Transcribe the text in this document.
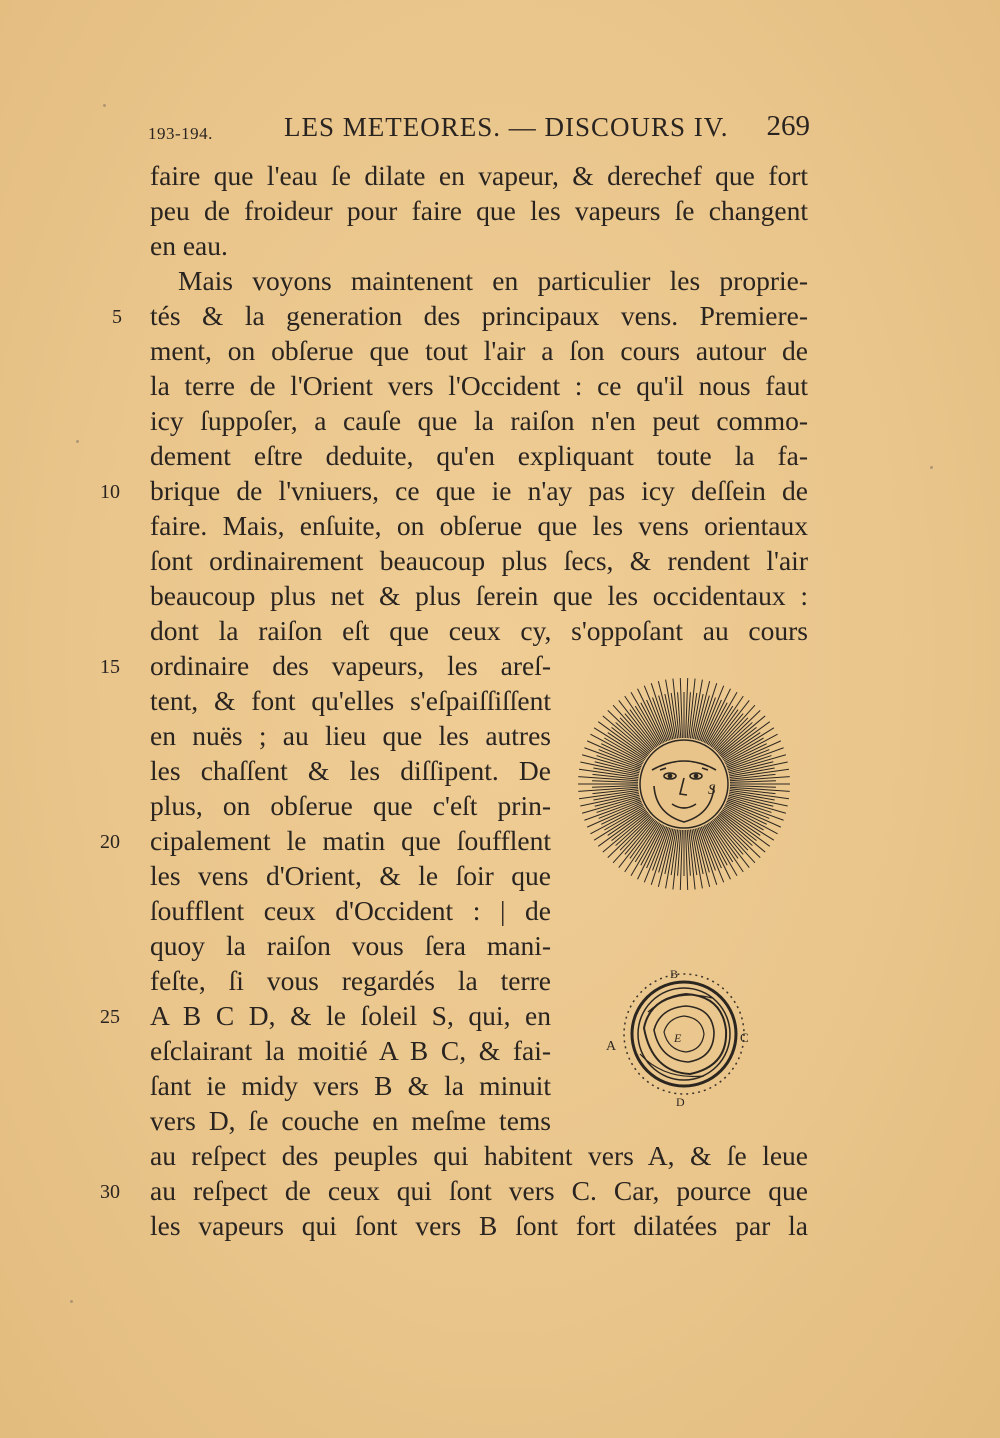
193-194.	LES METEORES. — DISCOURS IV. 269
faire que l'eau ſe dilate en vapeur, & derechef que fort
peu de froideur pour faire que les vapeurs ſe changent
en eau.
Mais voyons maintenent en particulier les proprie-
tés & la generation des principaux vens. Premiere-
ment, on obſerue que tout l'air a ſon cours autour de
la terre de l'Orient vers l'Occident : ce qu'il nous faut
icy ſuppoſer, a cauſe que la raiſon n'en peut commo-
dement eſtre deduite, qu'en expliquant toute la fa-
brique de l'vniuers, ce que ie n'ay pas icy deſſein de
faire. Mais, enſuite, on obſerue que les vens orientaux
ſont ordinairement beaucoup plus ſecs, & rendent l'air
beaucoup plus net & plus ſerein que les occidentaux :
dont la raiſon eſt que ceux cy, s'oppoſant au cours
ordinaire des vapeurs, les areſ-
tent, & font qu'elles s'eſpaiſſiſſent
en nuës ; au lieu que les autres
les chaſſent & les diſſipent. De
plus, on obſerue que c'eſt prin-
cipalement le matin que ſoufflent
les vens d'Orient, & le ſoir que
ſoufflent ceux d'Occident : | de
quoy la raiſon vous ſera mani-
feſte, ſi vous regardés la terre
A B C D, & le ſoleil S, qui, en
eſclairant la moitié A B C, & fai-
ſant ie midy vers B & la minuit
vers D, ſe couche en meſme tems
au reſpect des peuples qui habitent vers A, & ſe leue
au reſpect de ceux qui ſont vers C. Car, pource que
les vapeurs qui ſont vers B ſont fort dilatées par la
5
10
15
20
25
30
S
A
B
C
D
E
